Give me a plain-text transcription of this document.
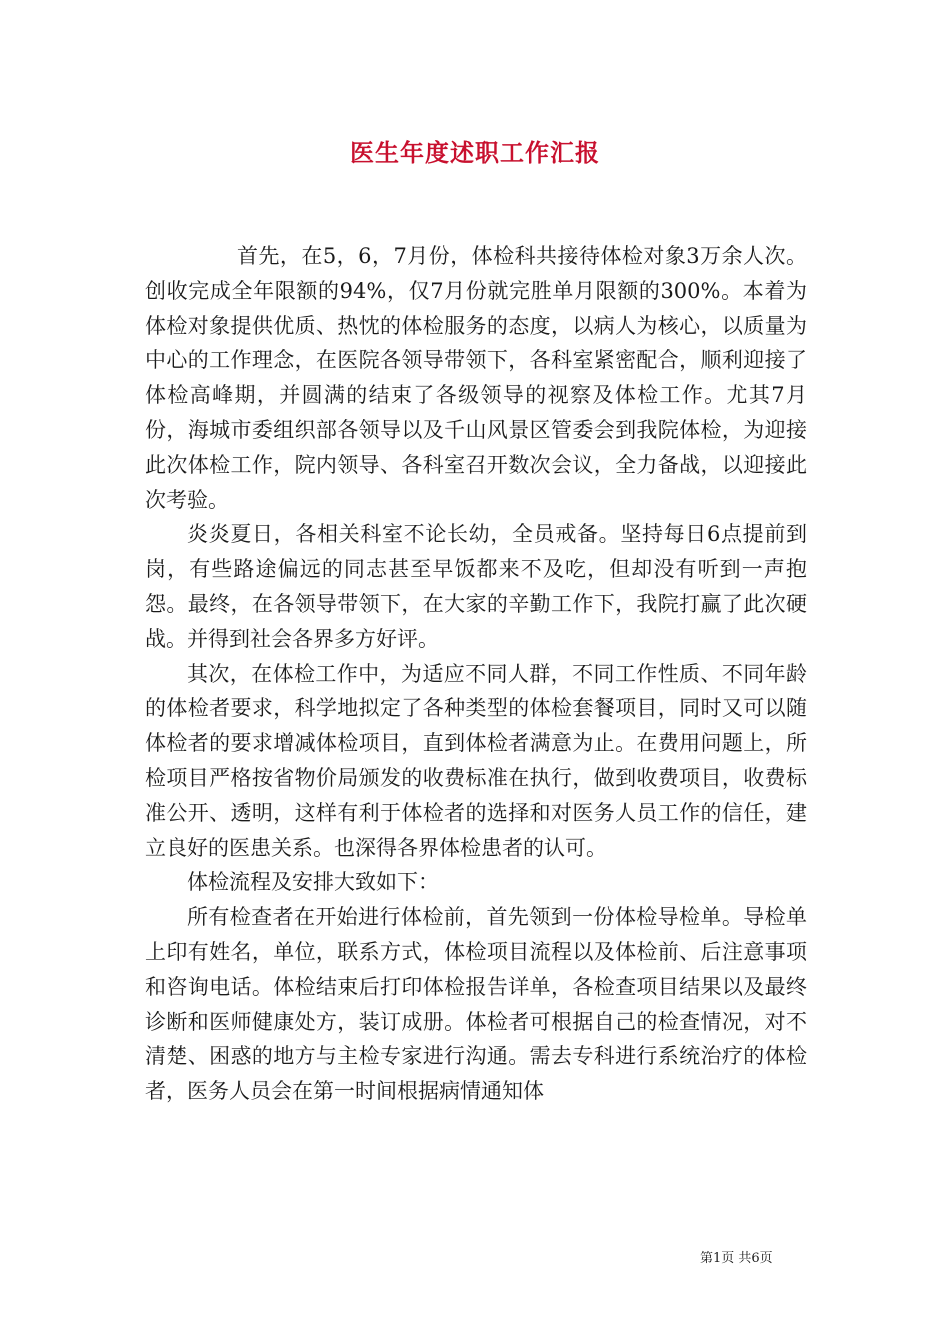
医生年度述职工作汇报

首先，在5，6，7月份，体检科共接待体检对象3万余人次。创收完成全年限额的94%，仅7月份就完胜单月限额的300%。本着为体检对象提供优质、热忱的体检服务的态度，以病人为核心，以质量为中心的工作理念，在医院各领导带领下，各科室紧密配合，顺利迎接了体检高峰期，并圆满的结束了各级领导的视察及体检工作。尤其7月份，海城市委组织部各领导以及千山风景区管委会到我院体检，为迎接此次体检工作，院内领导、各科室召开数次会议，全力备战，以迎接此次考验。

炎炎夏日，各相关科室不论长幼，全员戒备。坚持每日6点提前到岗，有些路途偏远的同志甚至早饭都来不及吃，但却没有听到一声抱怨。最终，在各领导带领下，在大家的辛勤工作下，我院打赢了此次硬战。并得到社会各界多方好评。

其次，在体检工作中，为适应不同人群，不同工作性质、不同年龄的体检者要求，科学地拟定了各种类型的体检套餐项目，同时又可以随体检者的要求增减体检项目，直到体检者满意为止。在费用问题上，所检项目严格按省物价局颁发的收费标准在执行，做到收费项目，收费标准公开、透明，这样有利于体检者的选择和对医务人员工作的信任，建立良好的医患关系。也深得各界体检患者的认可。

体检流程及安排大致如下：

所有检查者在开始进行体检前，首先领到一份体检导检单。导检单上印有姓名，单位，联系方式，体检项目流程以及体检前、后注意事项和咨询电话。体检结束后打印体检报告详单，各检查项目结果以及最终诊断和医师健康处方，装订成册。体检者可根据自己的检查情况，对不清楚、困惑的地方与主检专家进行沟通。需去专科进行系统治疗的体检者，医务人员会在第一时间根据病情通知体

第1页 共6页
